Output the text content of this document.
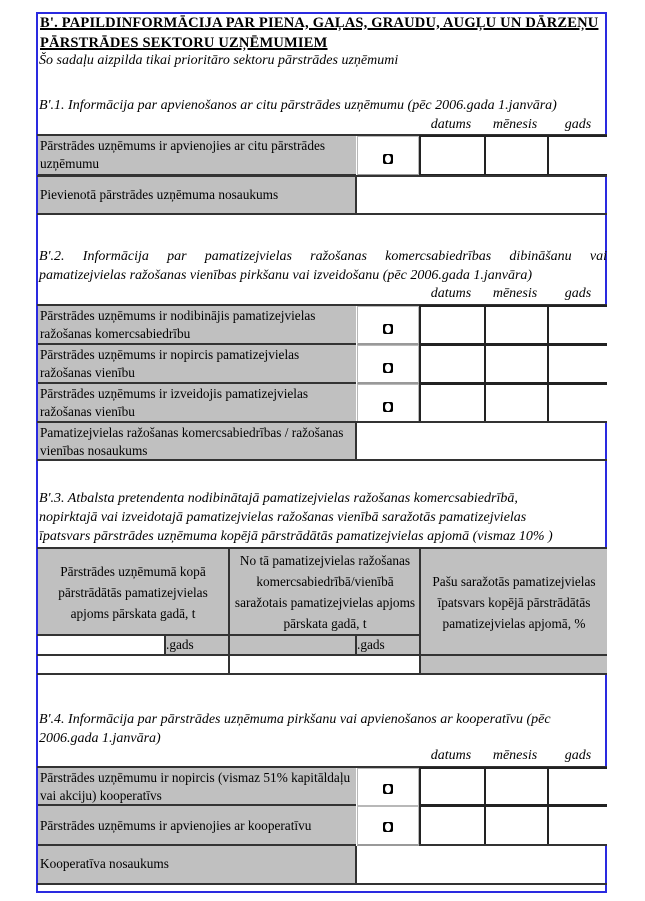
B'. PAPILDINFORMĀCIJA PAR PIENA, GAĻAS, GRAUDU, AUGĻU UN DĀRZEŅU
PĀRSTRĀDES SEKTORU UZŅĒMUMIEM
Šo sadaļu aizpilda tikai prioritāro sektoru pārstrādes uzņēmumi
B'.1. Informācija par apvienošanos ar citu pārstrādes uzņēmumu (pēc 2006.gada 1.janvāra)
datums	mēnesis	gads
Pārstrādes uzņēmums ir apvienojies ar citu pārstrādes uzņēmumu
Pievienotā pārstrādes uzņēmuma nosaukums
B'.2. Informācija par pamatizejvielas ražošanas komercsabiedrības dibināšanu vai
pamatizejvielas ražošanas vienības pirkšanu vai izveidošanu (pēc 2006.gada 1.janvāra)
datums	mēnesis	gads
Pārstrādes uzņēmums ir nodibinājis pamatizejvielas ražošanas komercsabiedrību
Pārstrādes uzņēmums ir nopircis pamatizejvielas ražošanas vienību
Pārstrādes uzņēmums ir izveidojis pamatizejvielas ražošanas vienību
Pamatizejvielas ražošanas komercsabiedrības / ražošanas vienības nosaukums
B'.3. Atbalsta pretendenta nodibinātajā pamatizejvielas ražošanas komercsabiedrībā,
nopirktajā vai izveidotajā pamatizejvielas ražošanas vienībā saražotās pamatizejvielas
īpatsvars pārstrādes uzņēmuma kopējā pārstrādātās pamatizejvielas apjomā (vismaz 10% )
Pārstrādes uzņēmumā kopā pārstrādātās pamatizejvielas apjoms pārskata gadā, t
No tā pamatizejvielas ražošanas komercsabiedrībā/vienībā saražotais pamatizejvielas apjoms pārskata gadā, t
Pašu saražotās pamatizejvielas īpatsvars kopējā pārstrādātās pamatizejvielas apjomā, %
.gads	.gads
B'.4. Informācija par pārstrādes uzņēmuma pirkšanu vai apvienošanos ar kooperatīvu (pēc
2006.gada 1.janvāra)
datums	mēnesis	gads
Pārstrādes uzņēmumu ir nopircis (vismaz 51% kapitāldaļu vai akciju) kooperatīvs
Pārstrādes uzņēmums ir apvienojies ar kooperatīvu
Kooperatīva nosaukums
